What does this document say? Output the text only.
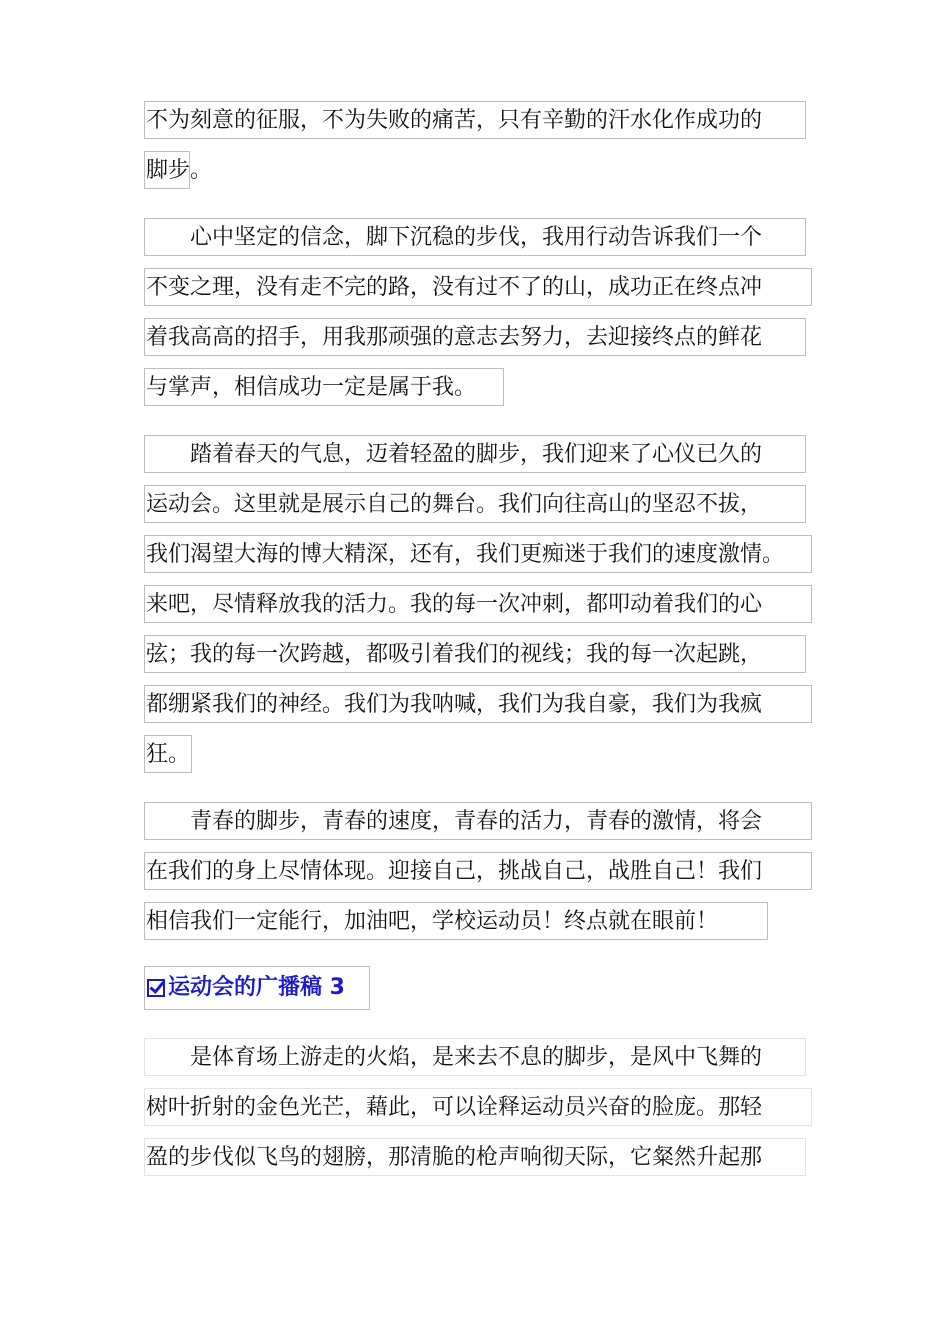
不为刻意的征服，不为失败的痛苦，只有辛勤的汗水化作成功的
脚步。
　　心中坚定的信念，脚下沉稳的步伐，我用行动告诉我们一个
不变之理，没有走不完的路，没有过不了的山，成功正在终点冲
着我高高的招手，用我那顽强的意志去努力，去迎接终点的鲜花
与掌声，相信成功一定是属于我。
　　踏着春天的气息，迈着轻盈的脚步，我们迎来了心仪已久的
运动会。这里就是展示自己的舞台。我们向往高山的坚忍不拔，
我们渴望大海的博大精深，还有，我们更痴迷于我们的速度激情。
来吧，尽情释放我的活力。我的每一次冲刺，都叩动着我们的心
弦；我的每一次跨越，都吸引着我们的视线；我的每一次起跳，
都绷紧我们的神经。我们为我呐喊，我们为我自豪，我们为我疯
狂。
　　青春的脚步，青春的速度，青春的活力，青春的激情，将会
在我们的身上尽情体现。迎接自己，挑战自己，战胜自己！我们
相信我们一定能行，加油吧，学校运动员！终点就在眼前！
运动会的广播稿 3
　　是体育场上游走的火焰，是来去不息的脚步，是风中飞舞的
树叶折射的金色光芒，藉此，可以诠释运动员兴奋的脸庞。那轻
盈的步伐似飞鸟的翅膀，那清脆的枪声响彻天际，它粲然升起那
